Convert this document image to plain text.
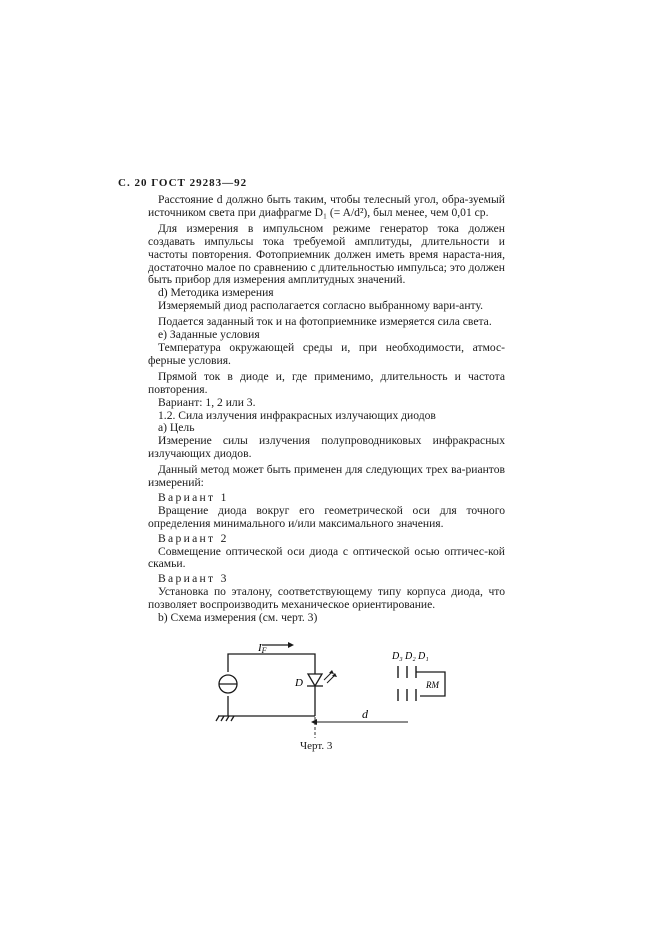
С. 20 ГОСТ 29283—92

Расстояние d должно быть таким, чтобы телесный угол, обра-зуемый источником света при диафрагме D₁ (= A/d²), был менее, чем 0,01 ср.

Для измерения в импульсном режиме генератор тока должен создавать импульсы тока требуемой амплитуды, длительности и частоты повторения. Фотоприемник должен иметь время нараста-ния, достаточно малое по сравнению с длительностью импульса; это должен быть прибор для измерения амплитудных значений.

d) Методика измерения

Измеряемый диод располагается согласно выбранному вари-анту.

Подается заданный ток и на фотоприемнике измеряется сила света.

e) Заданные условия

Температура окружающей среды и, при необходимости, атмос-ферные условия.

Прямой ток в диоде и, где применимо, длительность и частота повторения.

Вариант: 1, 2 или 3.

1.2. Сила излучения инфракрасных излучающих диодов

a) Цель

Измерение силы излучения полупроводниковых инфракрасных излучающих диодов.

Данный метод может быть применен для следующих трех ва-риантов измерений:

Вариант 1

Вращение диода вокруг его геометрической оси для точного определения минимального и/или максимального значения.

Вариант 2

Совмещение оптической оси диода с оптической осью оптичес-кой скамьи.

Вариант 3

Установка по эталону, соответствующему типу корпуса диода, что позволяет воспроизводить механическое ориентирование.

b) Схема измерения (см. черт. 3)

IF
D
d
D₃ D₂ D₁
RM
Черт. 3
